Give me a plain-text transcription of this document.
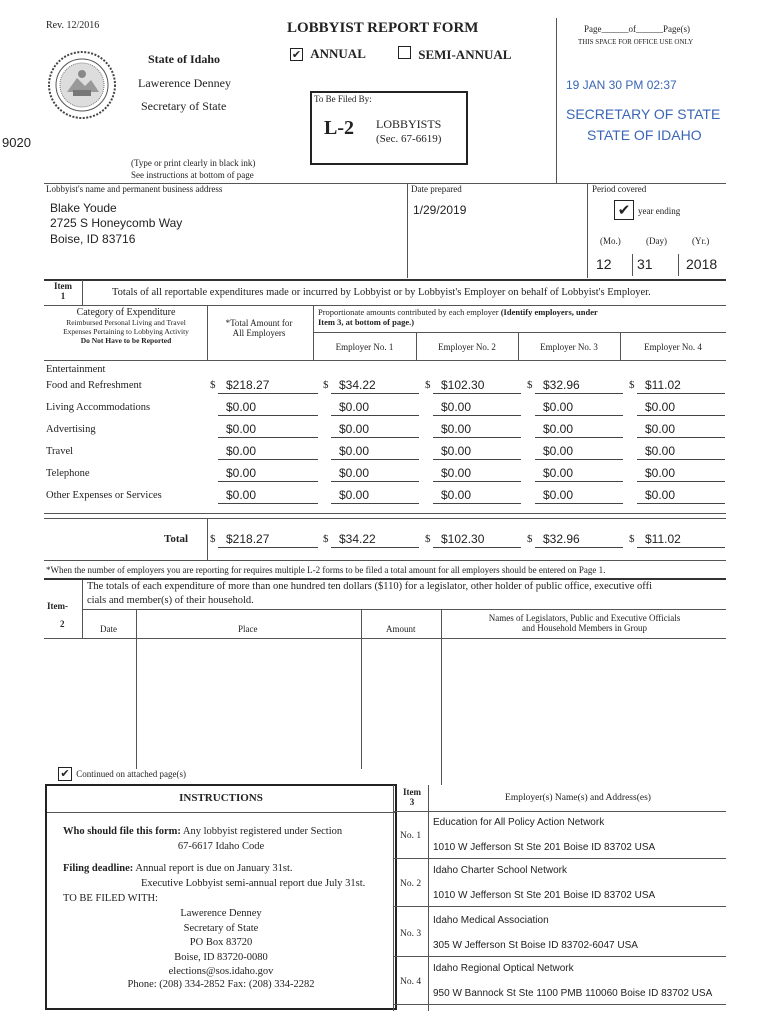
Rev. 12/2016	LOBBYIST REPORT FORM
✔ ANNUAL	SEMI-ANNUAL
State of Idaho
Lawerence Denney
Secretary of State
9020
To Be Filed By:
L-2 LOBBYISTS
(Sec. 67-6619)
(Type or print clearly in black ink)
See instructions at bottom of page
Page______of______Page(s)
THIS SPACE FOR OFFICE USE ONLY
19 JAN 30 PM 02:37
SECRETARY OF STATE
STATE OF IDAHO
Lobbyist's name and permanent business address
Blake Youde
2725 S Honeycomb Way
Boise, ID 83716
Date prepared
1/29/2019
Period covered
✔ year ending
(Mo.)	(Day)	(Yr.)
12 31 2018
Item
1	Totals of all reportable expenditures made or incurred by Lobbyist or by Lobbyist's Employer on behalf of Lobbyist's Employer.
Category of Expenditure
Reimbursed Personal Living and Travel
Expenses Pertaining to Lobbying Activity
Do Not Have to be Reported
*Total Amount for
All Employers
Proportionate amounts contributed by each employer (Identify employers, under
Item 3, at bottom of page.)
Employer No. 1	Employer No. 2	Employer No. 3	Employer No. 4
Entertainment
Food and Refreshment	$ $218.27	$ $34.22	$ $102.30	$ $32.96	$ $11.02
Living Accommodations	$0.00	$0.00	$0.00	$0.00	$0.00
Advertising	$0.00	$0.00	$0.00	$0.00	$0.00
Travel	$0.00	$0.00	$0.00	$0.00	$0.00
Telephone	$0.00	$0.00	$0.00	$0.00	$0.00
Other Expenses or Services	$0.00	$0.00	$0.00	$0.00	$0.00
Total $ $218.27	$ $34.22	$ $102.30	$ $32.96	$ $11.02
*When the number of employers you are reporting for requires multiple L-2 forms to be filed a total amount for all employers should be entered on Page 1.
Item-
2
The totals of each expenditure of more than one hundred ten dollars ($110) for a legislator, other holder of public office, executive offi
cials and member(s) of their household.
Date	Place	Amount
Names of Legislators, Public and Executive Officials
and Household Members in Group
✔ Continued on attached page(s)
INSTRUCTIONS
Who should file this form: Any lobbyist registered under Section
67-6617 Idaho Code
Filing deadline: Annual report is due on January 31st.
Executive Lobbyist semi-annual report due July 31st.
TO BE FILED WITH:
Lawerence Denney
Secretary of State
PO Box 83720
Boise, ID 83720-0080
elections@sos.idaho.gov
Phone: (208) 334-2852 Fax: (208) 334-2282
Item
3	Employer(s) Name(s) and Address(es)
No. 1
Education for All Policy Action Network
1010 W Jefferson St Ste 201 Boise ID 83702 USA
No. 2
Idaho Charter School Network
1010 W Jefferson St Ste 201 Boise ID 83702 USA
No. 3
Idaho Medical Association
305 W Jefferson St Boise ID 83702-6047 USA
No. 4
Idaho Regional Optical Network
950 W Bannock St Ste 1100 PMB 110060 Boise ID 83702 USA
